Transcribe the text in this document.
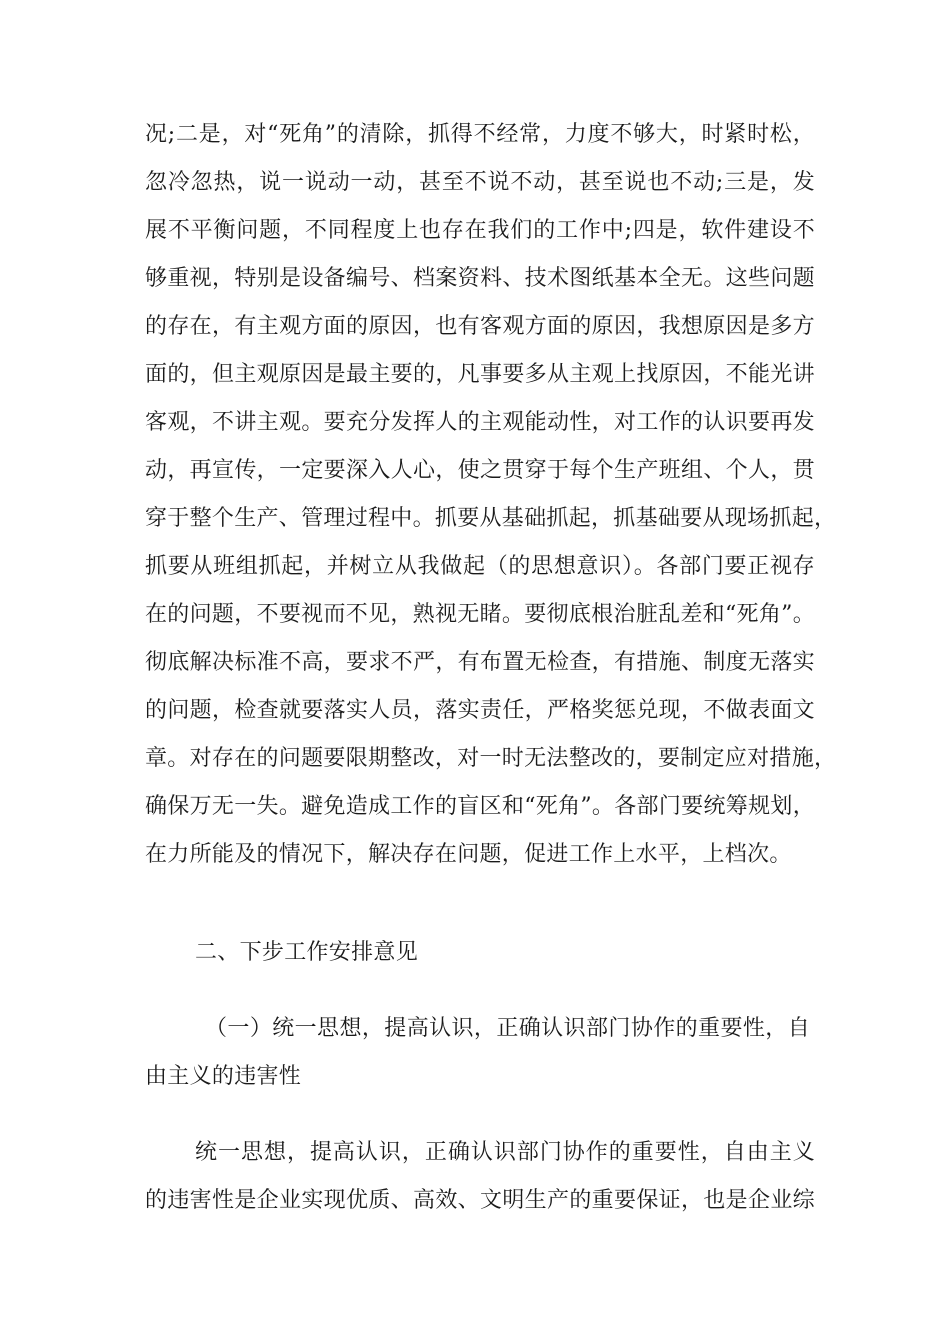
况;二是，对“死角”的清除，抓得不经常，力度不够大，时紧时松，
忽冷忽热，说一说动一动，甚至不说不动，甚至说也不动;三是，发
展不平衡问题，不同程度上也存在我们的工作中;四是，软件建设不
够重视，特别是设备编号、档案资料、技术图纸基本全无。这些问题
的存在，有主观方面的原因，也有客观方面的原因，我想原因是多方
面的，但主观原因是最主要的，凡事要多从主观上找原因，不能光讲
客观，不讲主观。要充分发挥人的主观能动性，对工作的认识要再发
动，再宣传，一定要深入人心，使之贯穿于每个生产班组、个人，贯
穿于整个生产、管理过程中。抓要从基础抓起，抓基础要从现场抓起，
抓要从班组抓起，并树立从我做起（的思想意识）。各部门要正视存
在的问题，不要视而不见，熟视无睹。要彻底根治脏乱差和“死角”。
彻底解决标准不高，要求不严，有布置无检查，有措施、制度无落实
的问题，检查就要落实人员，落实责任，严格奖惩兑现，不做表面文
章。对存在的问题要限期整改，对一时无法整改的，要制定应对措施，
确保万无一失。避免造成工作的盲区和“死角”。各部门要统筹规划，
在力所能及的情况下，解决存在问题，促进工作上水平，上档次。
二、下步工作安排意见
（一）统一思想，提高认识，正确认识部门协作的重要性，自
由主义的违害性
统一思想，提高认识，正确认识部门协作的重要性，自由主义
的违害性是企业实现优质、高效、文明生产的重要保证，也是企业综
